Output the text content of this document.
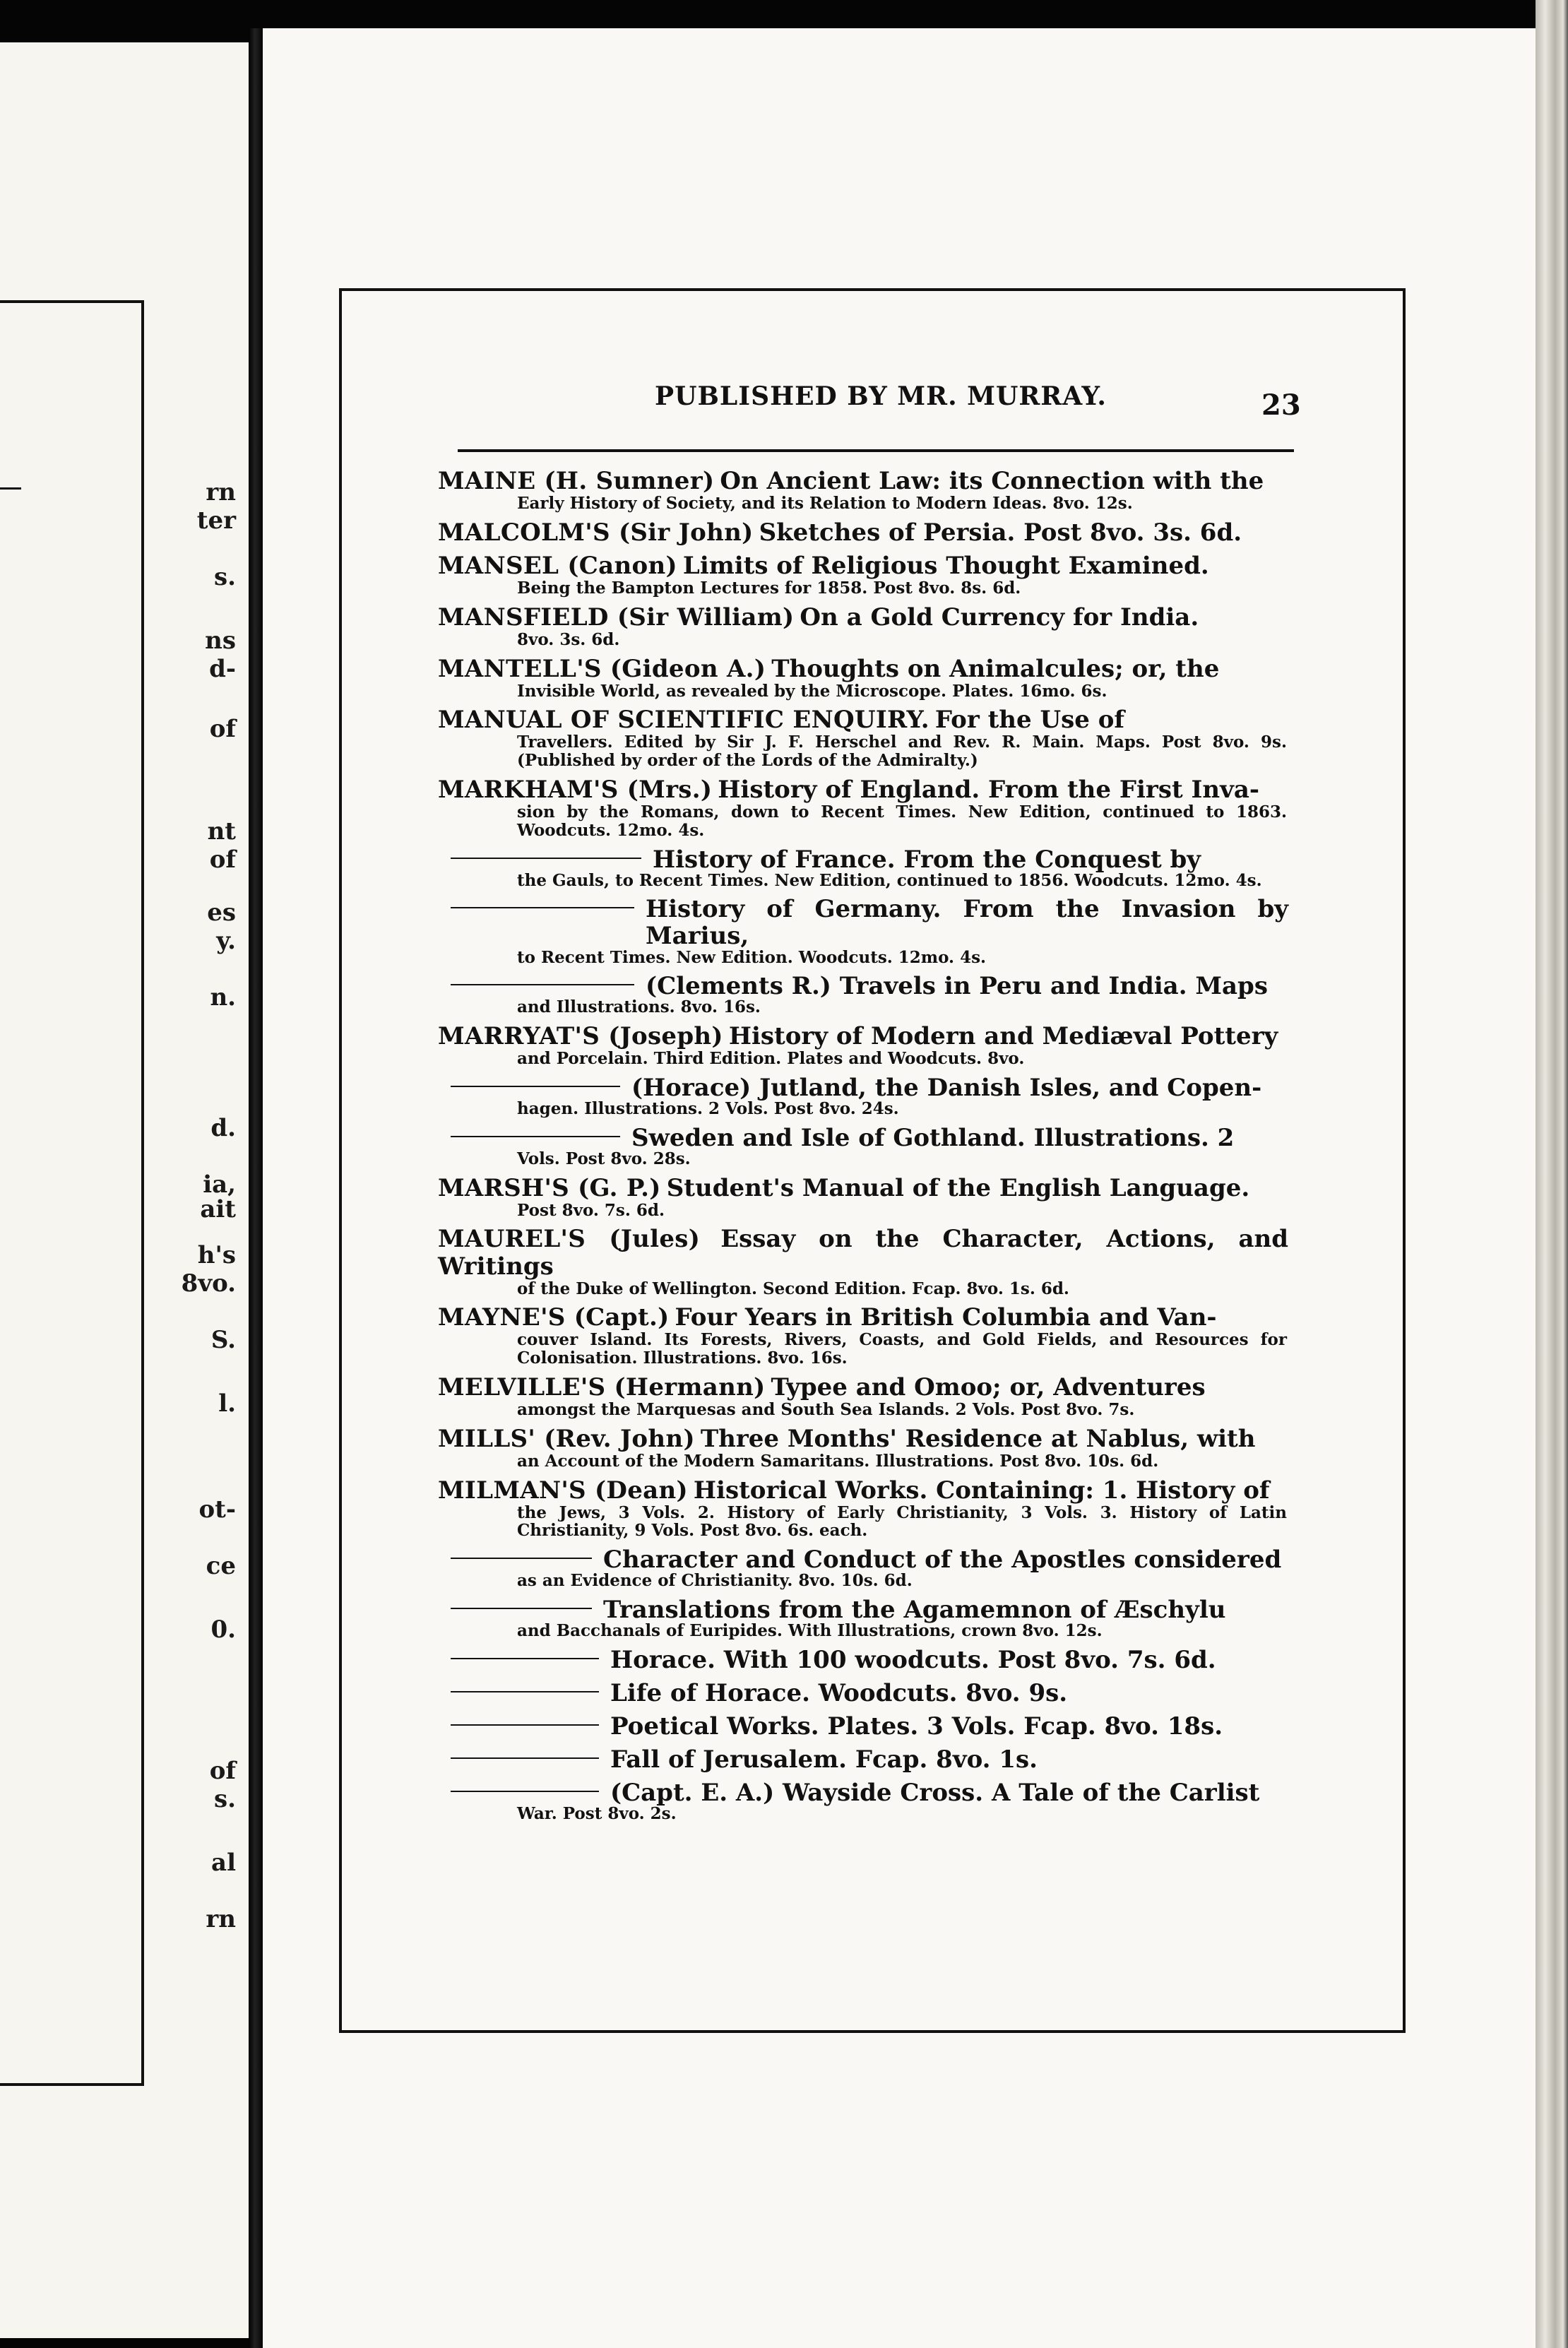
rn
ter
s.
ns
d-
of
nt
of
es
y.
n.
d.
ia,
ait
h's
8vo.
S.
l.
ot-
ce
0.
of
s.
al
rn
PUBLISHED BY MR. MURRAY.	23
MAINE (H. Sumner) On Ancient Law: its Connection with the
Early History of Society, and its Relation to Modern Ideas. 8vo. 12s.
MALCOLM'S (Sir John) Sketches of Persia. Post 8vo. 3s. 6d.
MANSEL (Canon) Limits of Religious Thought Examined.
Being the Bampton Lectures for 1858. Post 8vo. 8s. 6d.
MANSFIELD (Sir William) On a Gold Currency for India.
8vo. 3s. 6d.
MANTELL'S (Gideon A.) Thoughts on Animalcules; or, the
Invisible World, as revealed by the Microscope. Plates. 16mo. 6s.
MANUAL OF SCIENTIFIC ENQUIRY. For the Use of
Travellers. Edited by Sir J. F. Herschel and Rev. R. Main. Maps. Post 8vo. 9s. (Published by order of the Lords of the Admiralty.)
MARKHAM'S (Mrs.) History of England. From the First Inva-
sion by the Romans, down to Recent Times. New Edition, continued to 1863. Woodcuts. 12mo. 4s.
History of France. From the Conquest by
the Gauls, to Recent Times. New Edition, continued to 1856. Woodcuts. 12mo. 4s.
History of Germany. From the Invasion by Marius,
to Recent Times. New Edition. Woodcuts. 12mo. 4s.
(Clements R.) Travels in Peru and India. Maps
and Illustrations. 8vo. 16s.
MARRYAT'S (Joseph) History of Modern and Mediæval Pottery
and Porcelain. Third Edition. Plates and Woodcuts. 8vo.
(Horace) Jutland, the Danish Isles, and Copen-
hagen. Illustrations. 2 Vols. Post 8vo. 24s.
Sweden and Isle of Gothland. Illustrations. 2
Vols. Post 8vo. 28s.
MARSH'S (G. P.) Student's Manual of the English Language.
Post 8vo. 7s. 6d.
MAUREL'S (Jules) Essay on the Character, Actions, and Writings
of the Duke of Wellington. Second Edition. Fcap. 8vo. 1s. 6d.
MAYNE'S (Capt.) Four Years in British Columbia and Van-
couver Island. Its Forests, Rivers, Coasts, and Gold Fields, and Resources for Colonisation. Illustrations. 8vo. 16s.
MELVILLE'S (Hermann) Typee and Omoo; or, Adventures
amongst the Marquesas and South Sea Islands. 2 Vols. Post 8vo. 7s.
MILLS' (Rev. John) Three Months' Residence at Nablus, with
an Account of the Modern Samaritans. Illustrations. Post 8vo. 10s. 6d.
MILMAN'S (Dean) Historical Works. Containing: 1. History of
the Jews, 3 Vols. 2. History of Early Christianity, 3 Vols. 3. History of Latin Christianity, 9 Vols. Post 8vo. 6s. each.
Character and Conduct of the Apostles considered
as an Evidence of Christianity. 8vo. 10s. 6d.
Translations from the Agamemnon of Æschylu
and Bacchanals of Euripides. With Illustrations, crown 8vo. 12s.
Horace. With 100 woodcuts. Post 8vo. 7s. 6d.
Life of Horace. Woodcuts. 8vo. 9s.
Poetical Works. Plates. 3 Vols. Fcap. 8vo. 18s.
Fall of Jerusalem. Fcap. 8vo. 1s.
(Capt. E. A.) Wayside Cross. A Tale of the Carlist
War. Post 8vo. 2s.
